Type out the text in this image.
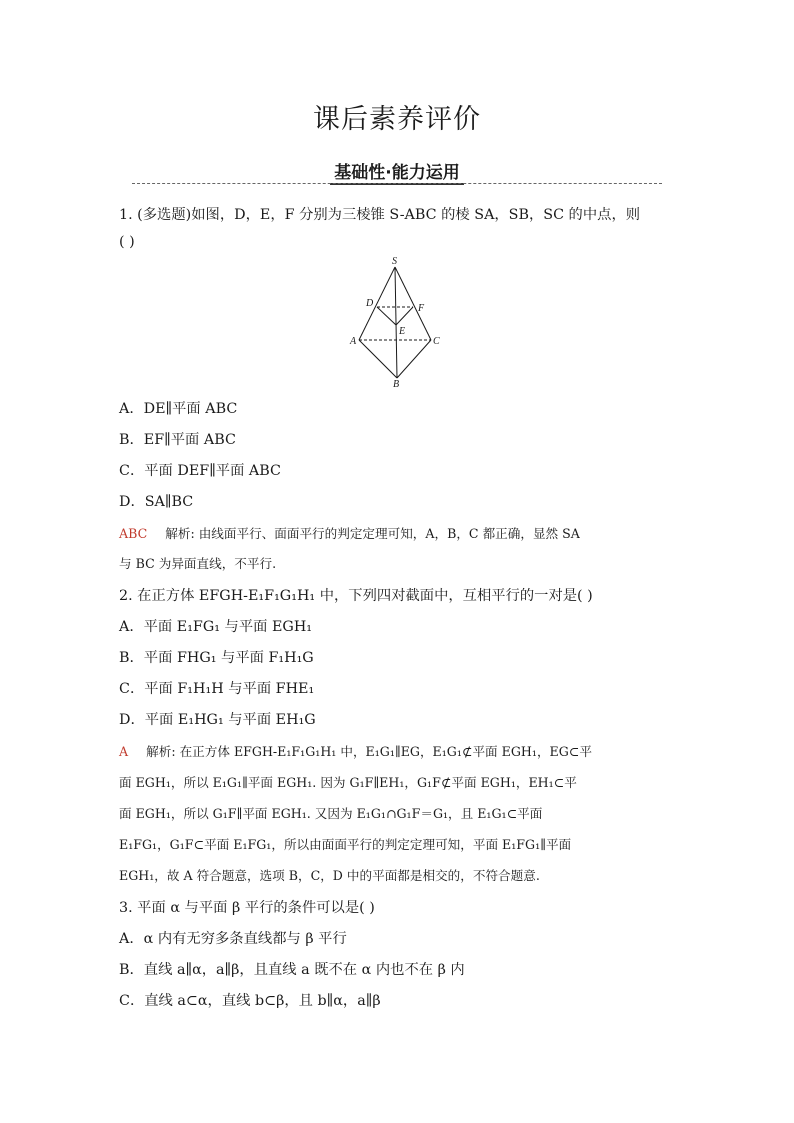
课后素养评价
基础性·能力运用
1. (多选题)如图，D，E，F 分别为三棱锥 S-ABC 的棱 SA，SB，SC 的中点，则
( )
S
D	F
E
A	C
B
A．DE∥平面 ABC
B．EF∥平面 ABC
C．平面 DEF∥平面 ABC
D．SA∥BC
ABC 解析: 由线面平行、面面平行的判定定理可知，A，B，C 都正确，显然 SA
与 BC 为异面直线，不平行.
2. 在正方体 EFGH-E₁F₁G₁H₁ 中，下列四对截面中，互相平行的一对是( )
A．平面 E₁FG₁ 与平面 EGH₁
B．平面 FHG₁ 与平面 F₁H₁G
C．平面 F₁H₁H 与平面 FHE₁
D．平面 E₁HG₁ 与平面 EH₁G
A 解析: 在正方体 EFGH-E₁F₁G₁H₁ 中，E₁G₁∥EG，E₁G₁⊄平面 EGH₁，EG⊂平
面 EGH₁，所以 E₁G₁∥平面 EGH₁. 因为 G₁F∥EH₁，G₁F⊄平面 EGH₁，EH₁⊂平
面 EGH₁，所以 G₁F∥平面 EGH₁. 又因为 E₁G₁∩G₁F＝G₁，且 E₁G₁⊂平面
E₁FG₁，G₁F⊂平面 E₁FG₁，所以由面面平行的判定定理可知，平面 E₁FG₁∥平面
EGH₁，故 A 符合题意，选项 B，C，D 中的平面都是相交的，不符合题意.
3. 平面 α 与平面 β 平行的条件可以是( )
A．α 内有无穷多条直线都与 β 平行
B．直线 a∥α，a∥β，且直线 a 既不在 α 内也不在 β 内
C．直线 a⊂α，直线 b⊂β，且 b∥α，a∥β
